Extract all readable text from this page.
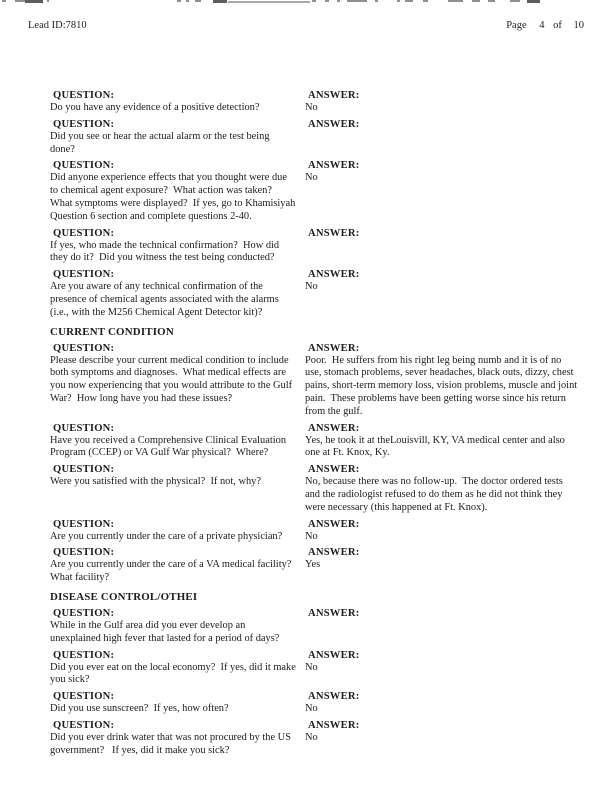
Lead ID:7810	Page 4 of 10
QUESTION:
Do you have any evidence of a positive detection?
ANSWER:
No
QUESTION:
Did you see or hear the actual alarm or the test being done?
ANSWER:
QUESTION:
Did anyone experience effects that you thought were due to chemical agent exposure?  What action was taken? What symptoms were displayed?  If yes, go to Khamisiyah Question 6 section and complete questions 2-40.
ANSWER:
No
QUESTION:
If yes, who made the technical confirmation?  How did they do it?  Did you witness the test being conducted?
ANSWER:
QUESTION:
Are you aware of any technical confirmation of the presence of chemical agents associated with the alarms (i.e., with the M256 Chemical Agent Detector kit)?
ANSWER:
No
CURRENT CONDITION
QUESTION:
Please describe your current medical condition to include both symptoms and diagnoses.  What medical effects are you now experiencing that you would attribute to the Gulf War?  How long have you had these issues?
ANSWER:
Poor.  He suffers from his right leg being numb and it is of no use, stomach problems, sever headaches, black outs, dizzy, chest pains, short-term memory loss, vision problems, muscle and joint pain.  These problems have been getting worse since his return from the gulf.
QUESTION:
Have you received a Comprehensive Clinical Evaluation Program (CCEP) or VA Gulf War physical?  Where?
ANSWER:
Yes, he took it at theLouisvill, KY, VA medical center and also one at Ft. Knox, Ky.
QUESTION:
Were you satisfied with the physical?  If not, why?
ANSWER:
No, because there was no follow-up.  The doctor ordered tests and the radiologist refused to do them as he did not think they were necessary (this happened at Ft. Knox).
QUESTION:
Are you currently under the care of a private physician?
ANSWER:
No
QUESTION:
Are you currently under the care of a VA medical facility?  What facility?
ANSWER:
Yes
DISEASE CONTROL/OTHEI
QUESTION:
While in the Gulf area did you ever develop an unexplained high fever that lasted for a period of days?
ANSWER:
QUESTION:
Did you ever eat on the local economy?  If yes, did it make you sick?
ANSWER:
No
QUESTION:
Did you use sunscreen?  If yes, how often?
ANSWER:
No
QUESTION:
Did you ever drink water that was not procured by the US government?   If yes, did it make you sick?
ANSWER:
No
